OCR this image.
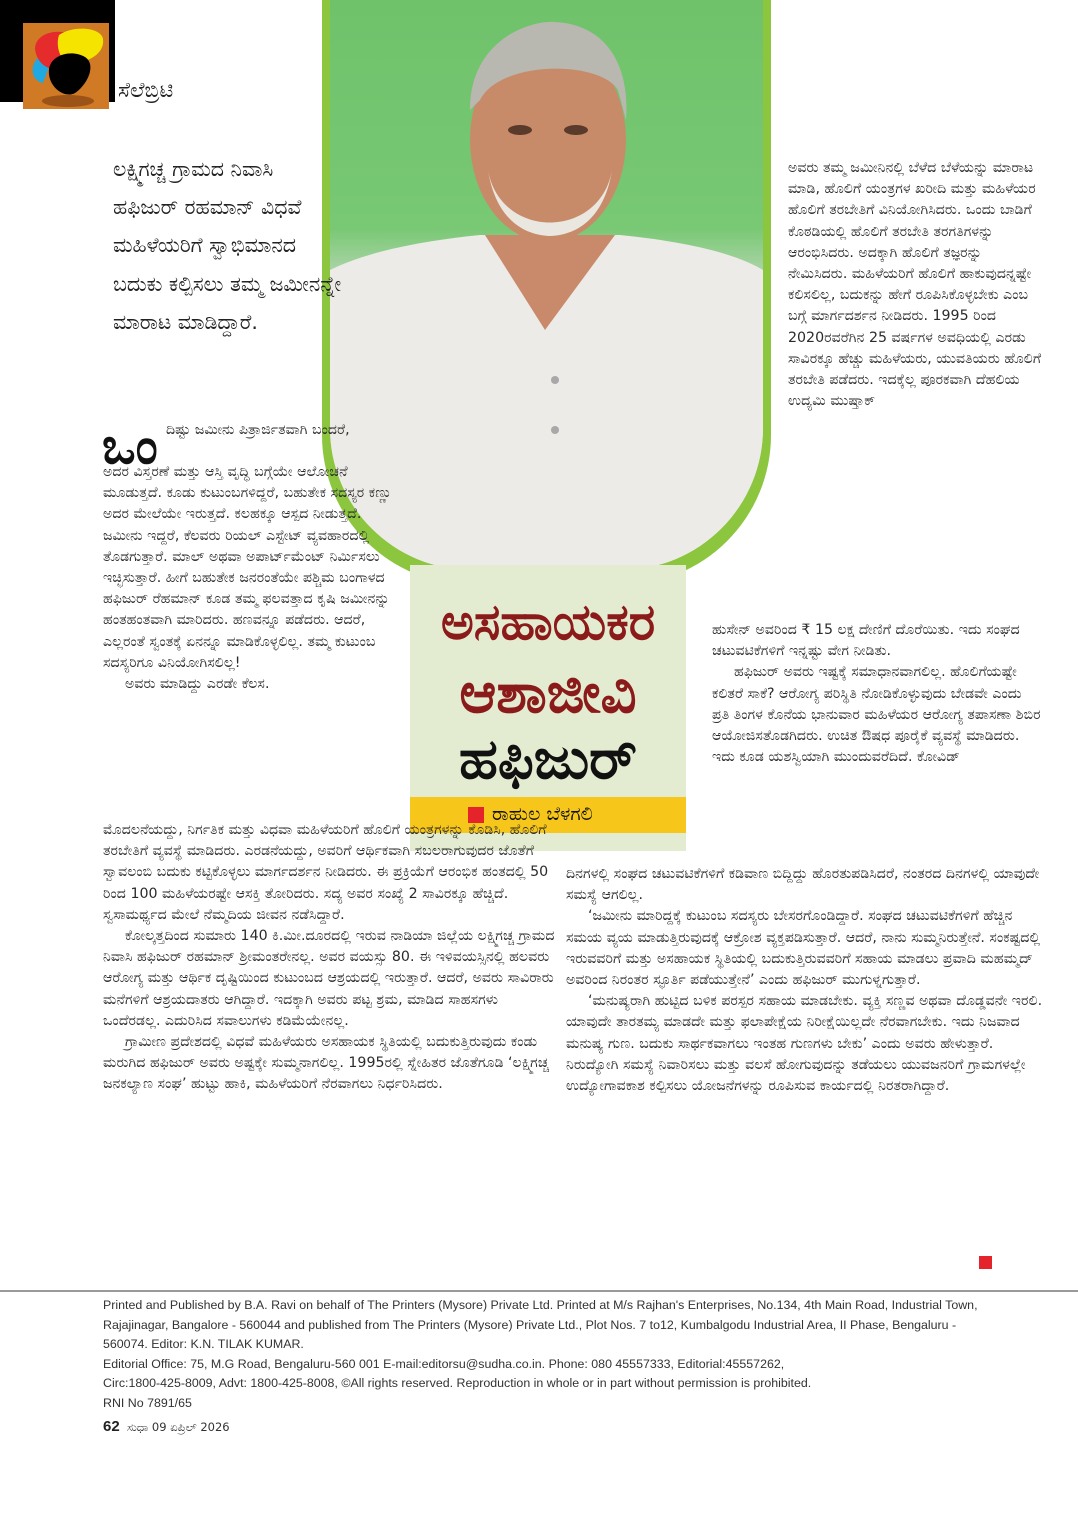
ಸೆಲೆಬ್ರಿಟಿ
ಅಸಹಾಯಕರ
ಆಶಾಜೀವಿ
ಹಫಿಜುರ್
ರಾಹುಲ ಬೆಳಗಲಿ
ಲಕ್ಷ್ಮಿಗಚ್ಚ ಗ್ರಾಮದ ನಿವಾಸಿ ಹಫಿಜುರ್ ರಹಮಾನ್ ವಿಧವೆ ಮಹಿಳೆಯರಿಗೆ ಸ್ವಾಭಿಮಾನದ ಬದುಕು ಕಲ್ಪಿಸಲು ತಮ್ಮ ಜಮೀನನ್ನೇ ಮಾರಾಟ ಮಾಡಿದ್ದಾರೆ.
ಒಂ ದಿಷ್ಟು ಜಮೀನು ಪಿತ್ರಾರ್ಜಿತವಾಗಿ ಬಂದರೆ,

ಅದರ ವಿಸ್ತರಣೆ ಮತ್ತು ಆಸ್ತಿ ವೃದ್ಧಿ ಬಗ್ಗೆಯೇ ಆಲೋಚನೆ ಮೂಡುತ್ತದೆ. ಕೂಡು ಕುಟುಂಬಗಳಿದ್ದರೆ, ಬಹುತೇಕ ಸದಸ್ಯರ ಕಣ್ಣು ಅದರ ಮೇಲೆಯೇ ಇರುತ್ತದೆ. ಕಲಹಕ್ಕೂ ಆಸ್ಪದ ನೀಡುತ್ತದೆ. ಜಮೀನು ಇದ್ದರೆ, ಕೆಲವರು ರಿಯಲ್ ಎಸ್ಟೇಟ್ ವ್ಯವಹಾರದಲ್ಲಿ ತೊಡಗುತ್ತಾರೆ. ಮಾಲ್ ಅಥವಾ ಅಪಾರ್ಟ್‌ಮೆಂಟ್ ನಿರ್ಮಿಸಲು ಇಚ್ಛಿಸುತ್ತಾರೆ. ಹೀಗೆ ಬಹುತೇಕ ಜನರಂತೆಯೇ ಪಶ್ಚಿಮ ಬಂಗಾಳದ ಹಫಿಜುರ್ ರೆಹಮಾನ್ ಕೂಡ ತಮ್ಮ ಫಲವತ್ತಾದ ಕೃಷಿ ಜಮೀನನ್ನು ಹಂತಹಂತವಾಗಿ ಮಾರಿದರು. ಹಣವನ್ನೂ ಪಡೆದರು. ಆದರೆ, ಎಲ್ಲರಂತೆ ಸ್ವಂತಕ್ಕೆ ಏನನ್ನೂ ಮಾಡಿಕೊಳ್ಳಲಿಲ್ಲ. ತಮ್ಮ ಕುಟುಂಬ ಸದಸ್ಯರಿಗೂ ವಿನಿಯೋಗಿಸಲಿಲ್ಲ!

ಅವರು ಮಾಡಿದ್ದು ಎರಡೇ ಕೆಲಸ.

ಮೊದಲನೆಯದ್ದು, ನಿರ್ಗತಿಕ ಮತ್ತು ವಿಧವಾ ಮಹಿಳೆಯರಿಗೆ ಹೊಲಿಗೆ ಯಂತ್ರಗಳನ್ನು ಕೊಡಿಸಿ, ಹೊಲಿಗೆ ತರಬೇತಿಗೆ ವ್ಯವಸ್ಥೆ ಮಾಡಿದರು. ಎರಡನೆಯದ್ದು, ಅವರಿಗೆ ಆರ್ಥಿಕವಾಗಿ ಸಬಲರಾಗುವುದರ ಜೊತೆಗೆ ಸ್ವಾವಲಂಬಿ ಬದುಕು ಕಟ್ಟಿಕೊಳ್ಳಲು ಮಾರ್ಗದರ್ಶನ ನೀಡಿದರು. ಈ ಪ್ರಕ್ರಿಯೆಗೆ ಆರಂಭಿಕ ಹಂತದಲ್ಲಿ 50 ರಿಂದ 100 ಮಹಿಳೆಯರಷ್ಟೇ ಆಸಕ್ತಿ ತೋರಿದರು. ಸದ್ಯ ಅವರ ಸಂಖ್ಯೆ 2 ಸಾವಿರಕ್ಕೂ ಹೆಚ್ಚಿದೆ. ಸ್ವಸಾಮರ್ಥ್ಯದ ಮೇಲೆ ನೆಮ್ಮದಿಯ ಜೀವನ ನಡೆಸಿದ್ದಾರೆ.

ಕೋಲ್ಕತ್ತದಿಂದ ಸುಮಾರು 140 ಕಿ.ಮೀ.ದೂರದಲ್ಲಿ ಇರುವ ನಾಡಿಯಾ ಜಿಲ್ಲೆಯ ಲಕ್ಷ್ಮಿಗಚ್ಚ ಗ್ರಾಮದ ನಿವಾಸಿ ಹಫಿಜುರ್ ರಹಮಾನ್ ಶ್ರೀಮಂತರೇನಲ್ಲ. ಅವರ ವಯಸ್ಸು 80. ಈ ಇಳಿವಯಸ್ಸಿನಲ್ಲಿ ಹಲವರು ಆರೋಗ್ಯ ಮತ್ತು ಆರ್ಥಿಕ ದೃಷ್ಟಿಯಿಂದ ಕುಟುಂಬದ ಆಶ್ರಯದಲ್ಲಿ ಇರುತ್ತಾರೆ. ಆದರೆ, ಅವರು ಸಾವಿರಾರು ಮನೆಗಳಿಗೆ ಆಶ್ರಯದಾತರು ಆಗಿದ್ದಾರೆ. ಇದಕ್ಕಾಗಿ ಅವರು ಪಟ್ಟ ಶ್ರಮ, ಮಾಡಿದ ಸಾಹಸಗಳು ಒಂದೆರಡಲ್ಲ. ಎದುರಿಸಿದ ಸವಾಲುಗಳು ಕಡಿಮೆಯೇನಲ್ಲ.

ಗ್ರಾಮೀಣ ಪ್ರದೇಶದಲ್ಲಿ ವಿಧವೆ ಮಹಿಳೆಯರು ಅಸಹಾಯಕ ಸ್ಥಿತಿಯಲ್ಲಿ ಬದುಕುತ್ತಿರುವುದು ಕಂಡು ಮರುಗಿದ ಹಫಿಜುರ್ ಅವರು ಅಷ್ಟಕ್ಕೇ ಸುಮ್ಮನಾಗಲಿಲ್ಲ. 1995ರಲ್ಲಿ ಸ್ನೇಹಿತರ ಜೊತೆಗೂಡಿ ‘ಲಕ್ಷ್ಮಿಗಚ್ಚ ಜನಕಲ್ಯಾಣ ಸಂಘ’ ಹುಟ್ಟು ಹಾಕಿ, ಮಹಿಳೆಯರಿಗೆ ನೆರವಾಗಲು ನಿರ್ಧರಿಸಿದರು.

ಅವರು ತಮ್ಮ ಜಮೀನಿನಲ್ಲಿ ಬೆಳೆದ ಬೆಳೆಯನ್ನು ಮಾರಾಟ ಮಾಡಿ, ಹೊಲಿಗೆ ಯಂತ್ರಗಳ ಖರೀದಿ ಮತ್ತು ಮಹಿಳೆಯರ ಹೊಲಿಗೆ ತರಬೇತಿಗೆ ವಿನಿಯೋಗಿಸಿದರು. ಒಂದು ಬಾಡಿಗೆ ಕೊಠಡಿಯಲ್ಲಿ ಹೊಲಿಗೆ ತರಬೇತಿ ತರಗತಿಗಳನ್ನು ಆರಂಭಿಸಿದರು. ಅದಕ್ಕಾಗಿ ಹೊಲಿಗೆ ತಜ್ಞರನ್ನು ನೇಮಿಸಿದರು. ಮಹಿಳೆಯರಿಗೆ ಹೊಲಿಗೆ ಹಾಕುವುದನ್ನಷ್ಟೇ ಕಲಿಸಲಿಲ್ಲ, ಬದುಕನ್ನು ಹೇಗೆ ರೂಪಿಸಿಕೊಳ್ಳಬೇಕು ಎಂಬ ಬಗ್ಗೆ ಮಾರ್ಗದರ್ಶನ ನೀಡಿದರು. 1995 ರಿಂದ 2020ರವರೆಗಿನ 25 ವರ್ಷಗಳ ಅವಧಿಯಲ್ಲಿ ಎರಡು ಸಾವಿರಕ್ಕೂ ಹೆಚ್ಚು ಮಹಿಳೆಯರು, ಯುವತಿಯರು ಹೊಲಿಗೆ ತರಬೇತಿ ಪಡೆದರು. ಇದಕ್ಕೆಲ್ಲ ಪೂರಕವಾಗಿ ದೆಹಲಿಯ ಉದ್ಯಮಿ ಮುಷ್ತಾಕ್

ಹುಸೇನ್ ಅವರಿಂದ ₹ 15 ಲಕ್ಷ ದೇಣಿಗೆ ದೊರೆಯಿತು. ಇದು ಸಂಘದ ಚಟುವಟಿಕೆಗಳಿಗೆ ಇನ್ನಷ್ಟು ವೇಗ ನೀಡಿತು.

ಹಫಿಜುರ್ ಅವರು ಇಷ್ಟಕ್ಕೆ ಸಮಾಧಾನವಾಗಲಿಲ್ಲ. ಹೊಲಿಗೆಯಷ್ಟೇ ಕಲಿತರೆ ಸಾಕೆ? ಆರೋಗ್ಯ ಪರಿಸ್ಥಿತಿ ನೋಡಿಕೊಳ್ಳುವುದು ಬೇಡವೇ ಎಂದು ಪ್ರತಿ ತಿಂಗಳ ಕೊನೆಯ ಭಾನುವಾರ ಮಹಿಳೆಯರ ಆರೋಗ್ಯ ತಪಾಸಣಾ ಶಿಬಿರ ಆಯೋಜಿಸತೊಡಗಿದರು. ಉಚಿತ ಔಷಧ ಪೂರೈಕೆ ವ್ಯವಸ್ಥೆ ಮಾಡಿದರು. ಇದು ಕೂಡ ಯಶಸ್ವಿಯಾಗಿ ಮುಂದುವರೆದಿದೆ. ಕೋವಿಡ್

ದಿನಗಳಲ್ಲಿ ಸಂಘದ ಚಟುವಟಿಕೆಗಳಿಗೆ ಕಡಿವಾಣ ಬಿದ್ದಿದ್ದು ಹೊರತುಪಡಿಸಿದರೆ, ನಂತರದ ದಿನಗಳಲ್ಲಿ ಯಾವುದೇ ಸಮಸ್ಯೆ ಆಗಲಿಲ್ಲ.

‘ಜಮೀನು ಮಾರಿದ್ದಕ್ಕೆ ಕುಟುಂಬ ಸದಸ್ಯರು ಬೇಸರಗೊಂಡಿದ್ದಾರೆ. ಸಂಘದ ಚಟುವಟಿಕೆಗಳಿಗೆ ಹೆಚ್ಚಿನ ಸಮಯ ವ್ಯಯ ಮಾಡುತ್ತಿರುವುದಕ್ಕೆ ಆಕ್ರೋಶ ವ್ಯಕ್ತಪಡಿಸುತ್ತಾರೆ. ಆದರೆ, ನಾನು ಸುಮ್ಮನಿರುತ್ತೇನೆ. ಸಂಕಷ್ಟದಲ್ಲಿ ಇರುವವರಿಗೆ ಮತ್ತು ಅಸಹಾಯಕ ಸ್ಥಿತಿಯಲ್ಲಿ ಬದುಕುತ್ತಿರುವವರಿಗೆ ಸಹಾಯ ಮಾಡಲು ಪ್ರವಾದಿ ಮಹಮ್ಮದ್ ಅವರಿಂದ ನಿರಂತರ ಸ್ಫೂರ್ತಿ ಪಡೆಯುತ್ತೇನೆ’ ಎಂದು ಹಫಿಜುರ್ ಮುಗುಳ್ನಗುತ್ತಾರೆ.

‘ಮನುಷ್ಯರಾಗಿ ಹುಟ್ಟಿದ ಬಳಿಕ ಪರಸ್ಪರ ಸಹಾಯ ಮಾಡಬೇಕು. ವ್ಯಕ್ತಿ ಸಣ್ಣವ ಅಥವಾ ದೊಡ್ಡವನೇ ಇರಲಿ. ಯಾವುದೇ ತಾರತಮ್ಯ ಮಾಡದೇ ಮತ್ತು ಫಲಾಪೇಕ್ಷೆಯ ನಿರೀಕ್ಷೆಯಿಲ್ಲದೇ ನೆರವಾಗಬೇಕು. ಇದು ನಿಜವಾದ ಮನುಷ್ಯ ಗುಣ. ಬದುಕು ಸಾರ್ಥಕವಾಗಲು ಇಂತಹ ಗುಣಗಳು ಬೇಕು’ ಎಂದು ಅವರು ಹೇಳುತ್ತಾರೆ. ನಿರುದ್ಯೋಗಿ ಸಮಸ್ಯೆ ನಿವಾರಿಸಲು ಮತ್ತು ವಲಸೆ ಹೋಗುವುದನ್ನು ತಡೆಯಲು ಯುವಜನರಿಗೆ ಗ್ರಾಮಗಳಲ್ಲೇ ಉದ್ಯೋಗಾವಕಾಶ ಕಲ್ಪಿಸಲು ಯೋಜನೆಗಳನ್ನು ರೂಪಿಸುವ ಕಾರ್ಯದಲ್ಲಿ ನಿರತರಾಗಿದ್ದಾರೆ.

Printed and Published by B.A. Ravi on behalf of The Printers (Mysore) Private Ltd. Printed at M/s Rajhan's Enterprises, No.134, 4th Main Road, Industrial Town, Rajajinagar, Bangalore - 560044 and published from The Printers (Mysore) Private Ltd., Plot Nos. 7 to12, Kumbalgodu Industrial Area, II Phase, Bengaluru - 560074. Editor: K.N. TILAK KUMAR.

Editorial Office: 75, M.G Road, Bengaluru-560 001 E-mail:editorsu@sudha.co.in. Phone: 080 45557333, Editorial:45557262,

Circ:1800-425-8009, Advt: 1800-425-8008, ©All rights reserved. Reproduction in whole or in part without permission is prohibited.

RNI No 7891/65

62 ಸುಧಾ 09 ಏಪ್ರಿಲ್ 2026
